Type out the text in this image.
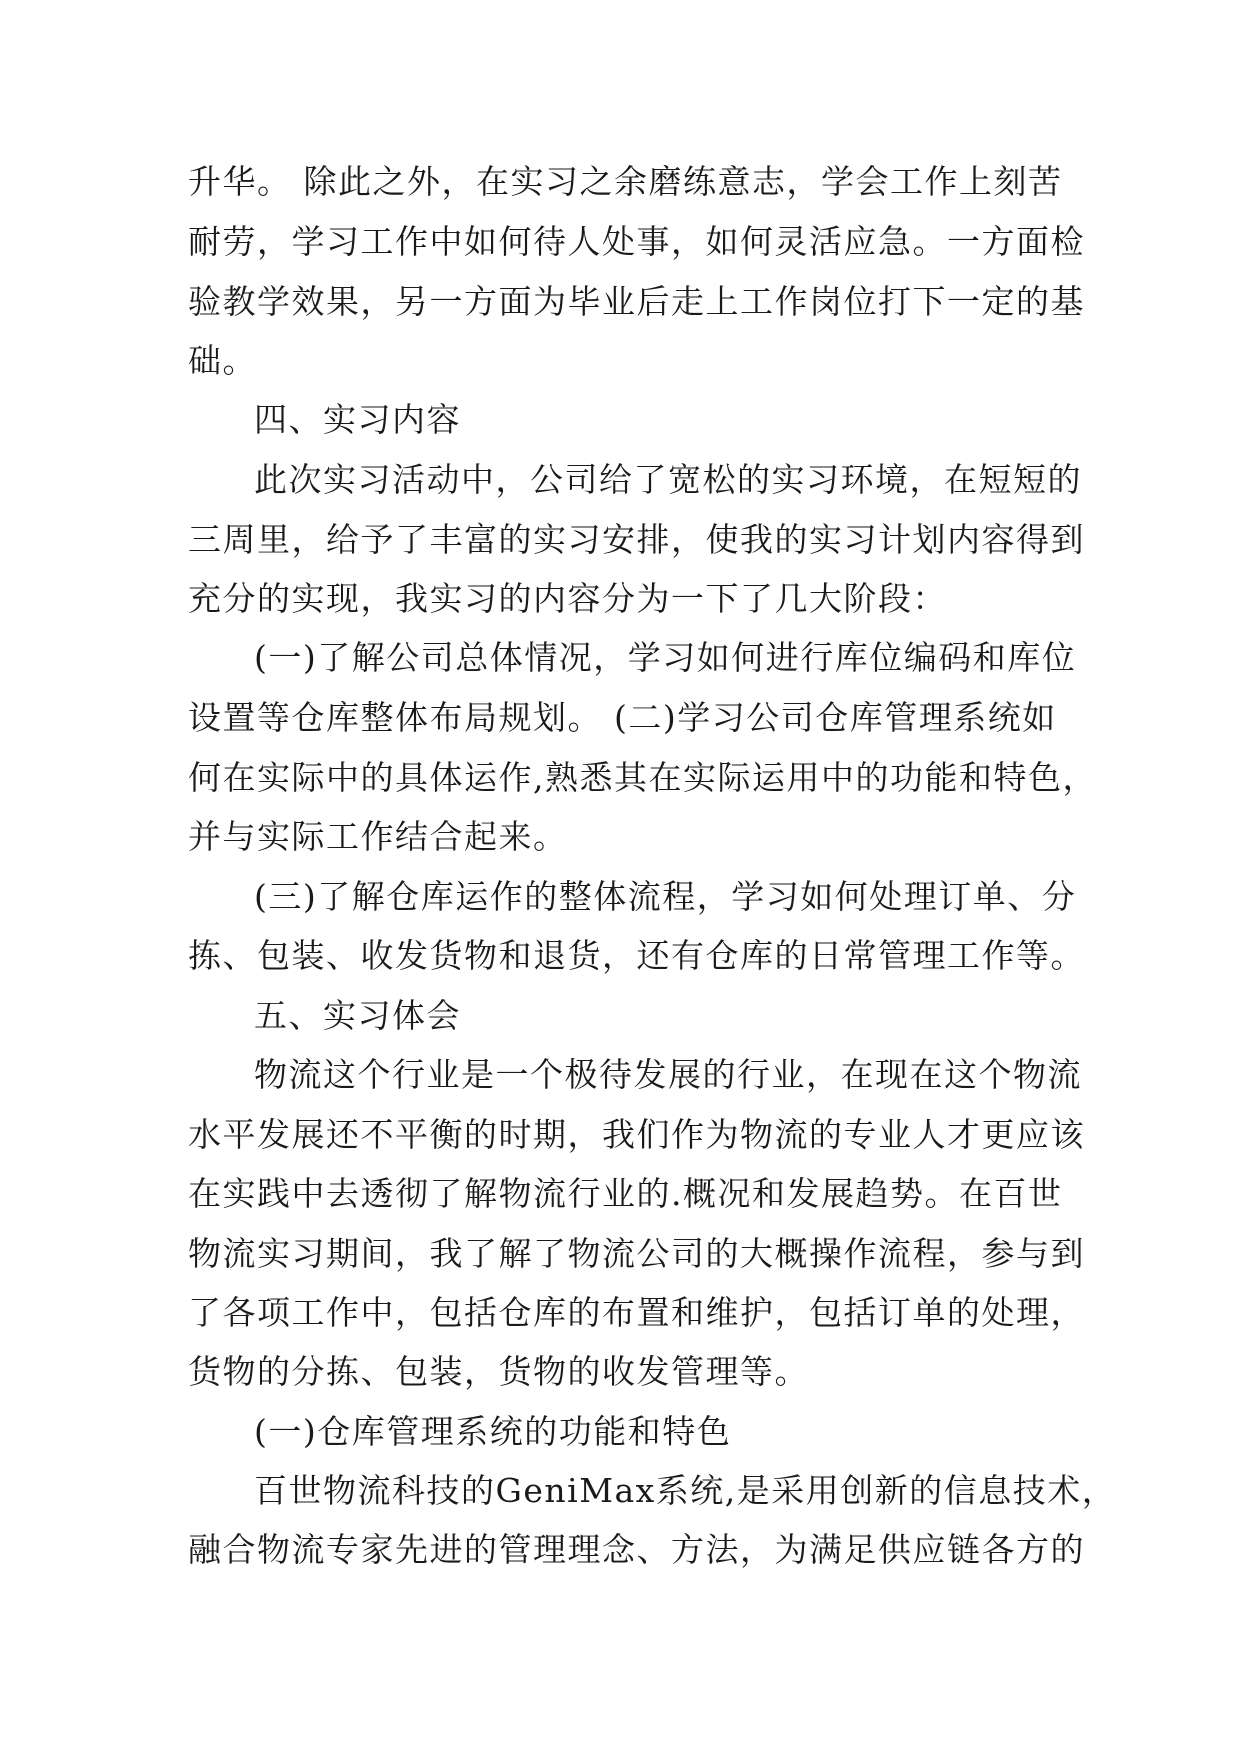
升华。 除此之外，在实习之余磨练意志，学会工作上刻苦
耐劳，学习工作中如何待人处事，如何灵活应急。一方面检
验教学效果，另一方面为毕业后走上工作岗位打下一定的基
础。
四、实习内容
此次实习活动中，公司给了宽松的实习环境，在短短的
三周里，给予了丰富的实习安排，使我的实习计划内容得到
充分的实现，我实习的内容分为一下了几大阶段：
(一)了解公司总体情况，学习如何进行库位编码和库位
设置等仓库整体布局规划。 (二)学习公司仓库管理系统如
何在实际中的具体运作,熟悉其在实际运用中的功能和特色，
并与实际工作结合起来。
(三)了解仓库运作的整体流程，学习如何处理订单、分
拣、包装、收发货物和退货，还有仓库的日常管理工作等。
五、实习体会
物流这个行业是一个极待发展的行业，在现在这个物流
水平发展还不平衡的时期，我们作为物流的专业人才更应该
在实践中去透彻了解物流行业的.概况和发展趋势。在百世
物流实习期间，我了解了物流公司的大概操作流程，参与到
了各项工作中，包括仓库的布置和维护，包括订单的处理，
货物的分拣、包装，货物的收发管理等。
(一)仓库管理系统的功能和特色
百世物流科技的GeniMax系统,是采用创新的信息技术，
融合物流专家先进的管理理念、方法，为满足供应链各方的
